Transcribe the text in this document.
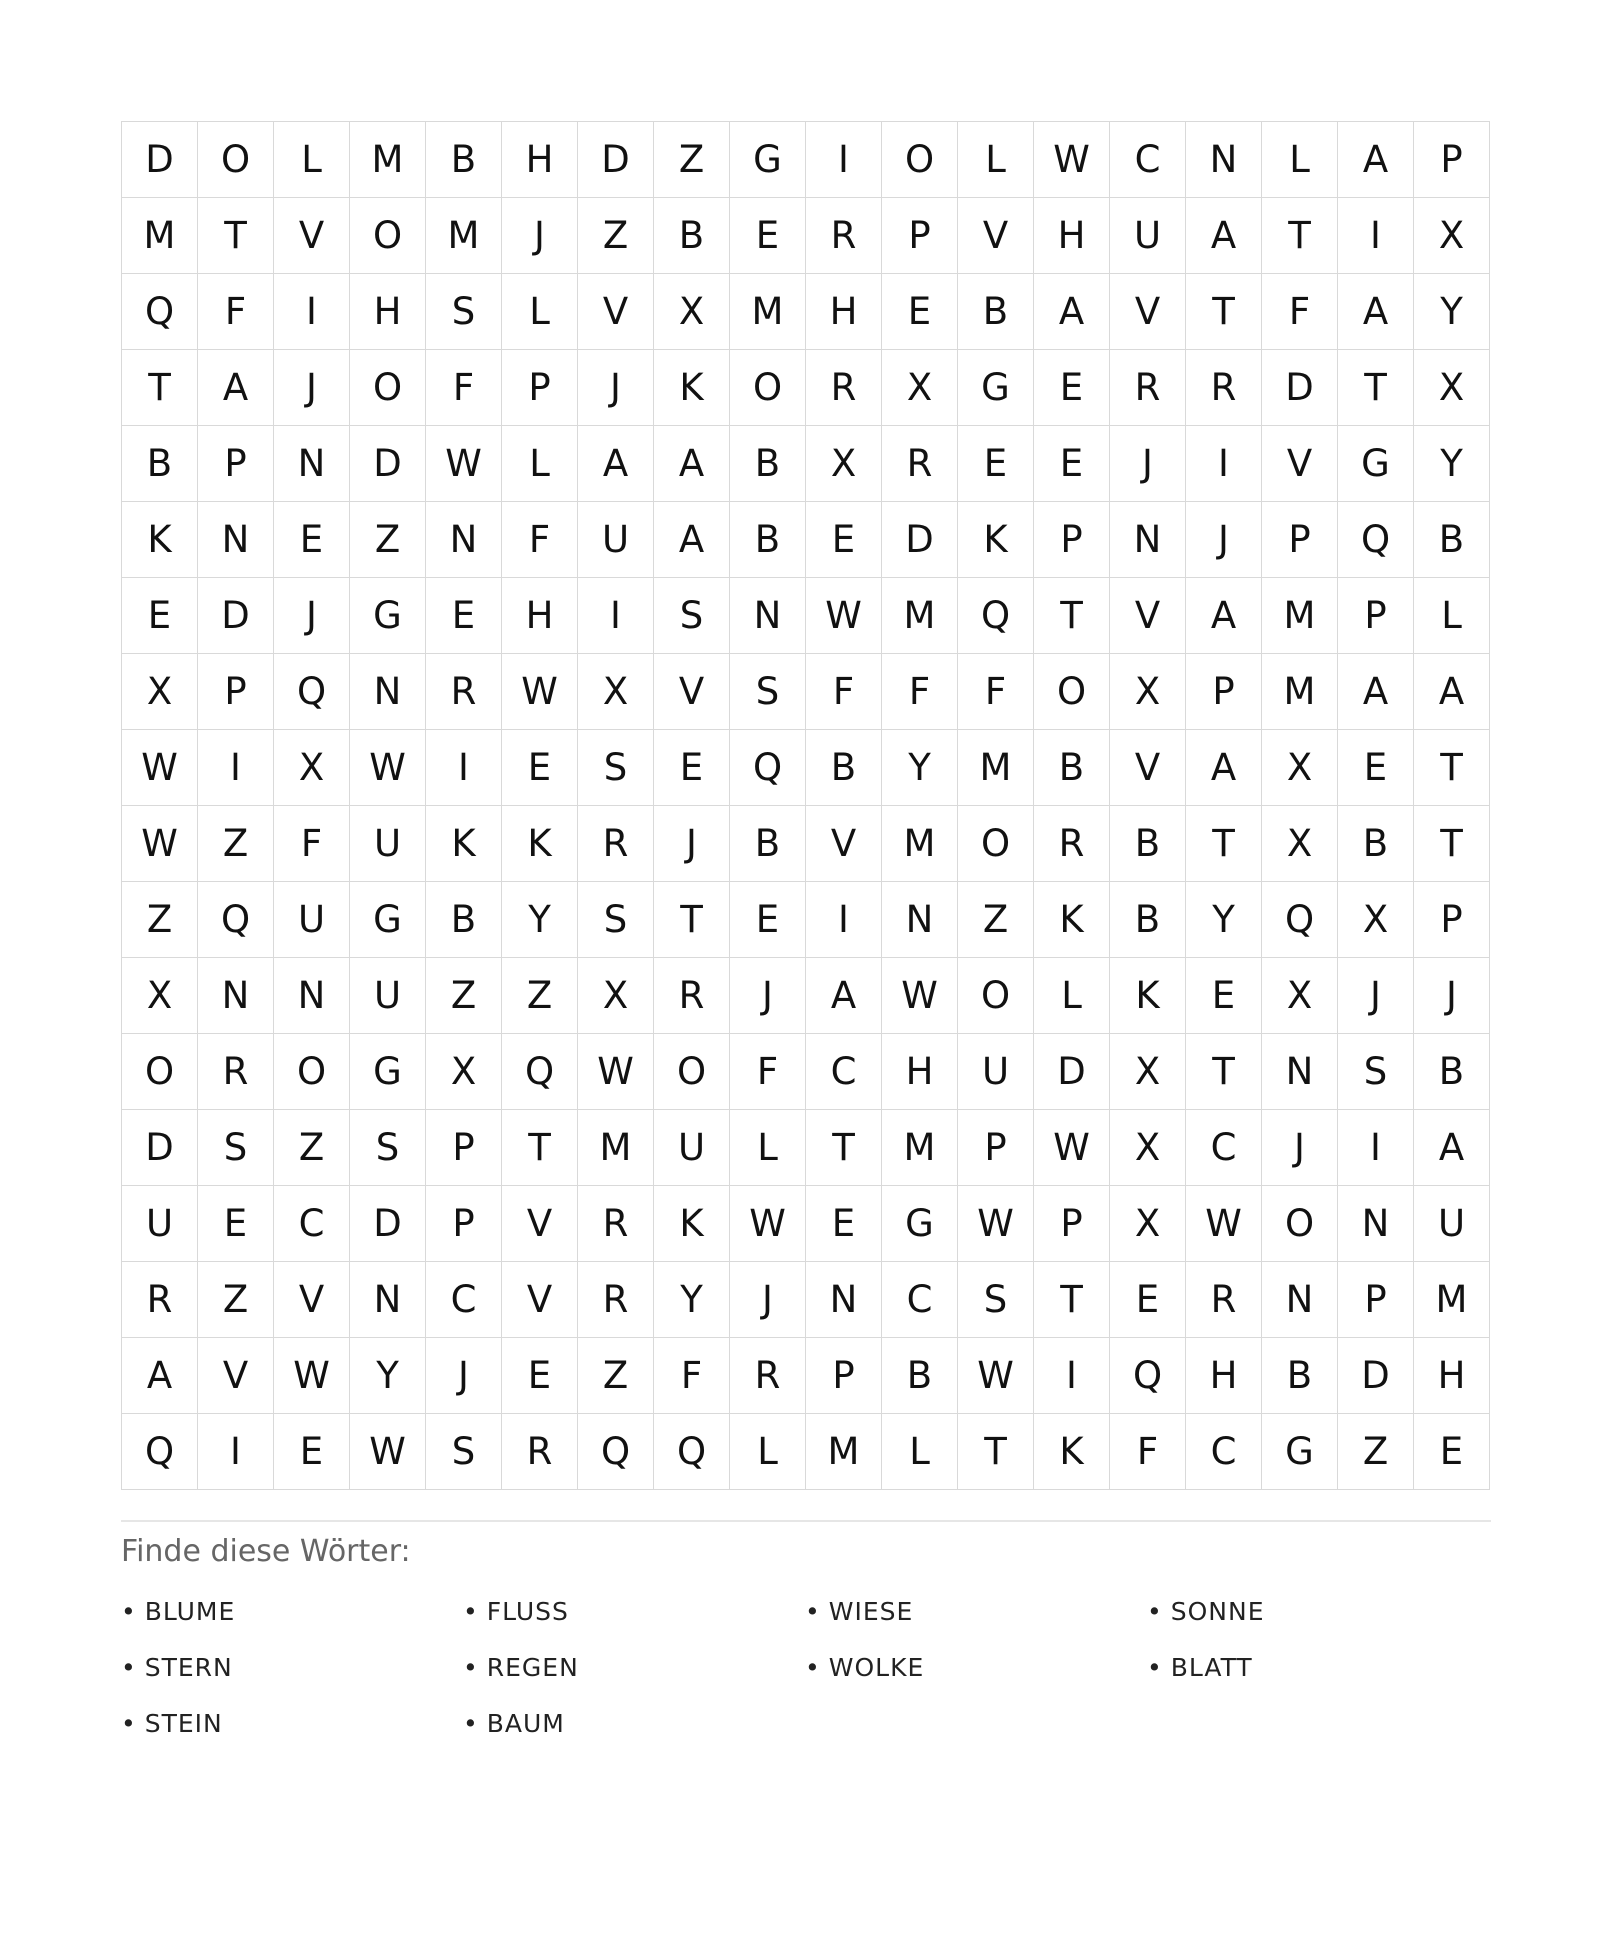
D	O	L	M	B	H	D	Z	G	I	O	L	W	C	N	L	A	P
M	T	V	O	M	J	Z	B	E	R	P	V	H	U	A	T	I	X
Q	F	I	H	S	L	V	X	M	H	E	B	A	V	T	F	A	Y
T	A	J	O	F	P	J	K	O	R	X	G	E	R	R	D	T	X
B	P	N	D	W	L	A	A	B	X	R	E	E	J	I	V	G	Y
K	N	E	Z	N	F	U	A	B	E	D	K	P	N	J	P	Q	B
E	D	J	G	E	H	I	S	N	W	M	Q	T	V	A	M	P	L
X	P	Q	N	R	W	X	V	S	F	F	F	O	X	P	M	A	A
W	I	X	W	I	E	S	E	Q	B	Y	M	B	V	A	X	E	T
W	Z	F	U	K	K	R	J	B	V	M	O	R	B	T	X	B	T
Z	Q	U	G	B	Y	S	T	E	I	N	Z	K	B	Y	Q	X	P
X	N	N	U	Z	Z	X	R	J	A	W	O	L	K	E	X	J	J
O	R	O	G	X	Q	W	O	F	C	H	U	D	X	T	N	S	B
D	S	Z	S	P	T	M	U	L	T	M	P	W	X	C	J	I	A
U	E	C	D	P	V	R	K	W	E	G	W	P	X	W	O	N	U
R	Z	V	N	C	V	R	Y	J	N	C	S	T	E	R	N	P	M
A	V	W	Y	J	E	Z	F	R	P	B	W	I	Q	H	B	D	H
Q	I	E	W	S	R	Q	Q	L	M	L	T	K	F	C	G	Z	E
Finde diese Wörter:
• BLUME	• FLUSS	• WIESE	• SONNE
• STERN	• REGEN	• WOLKE	• BLATT
• STEIN	• BAUM
